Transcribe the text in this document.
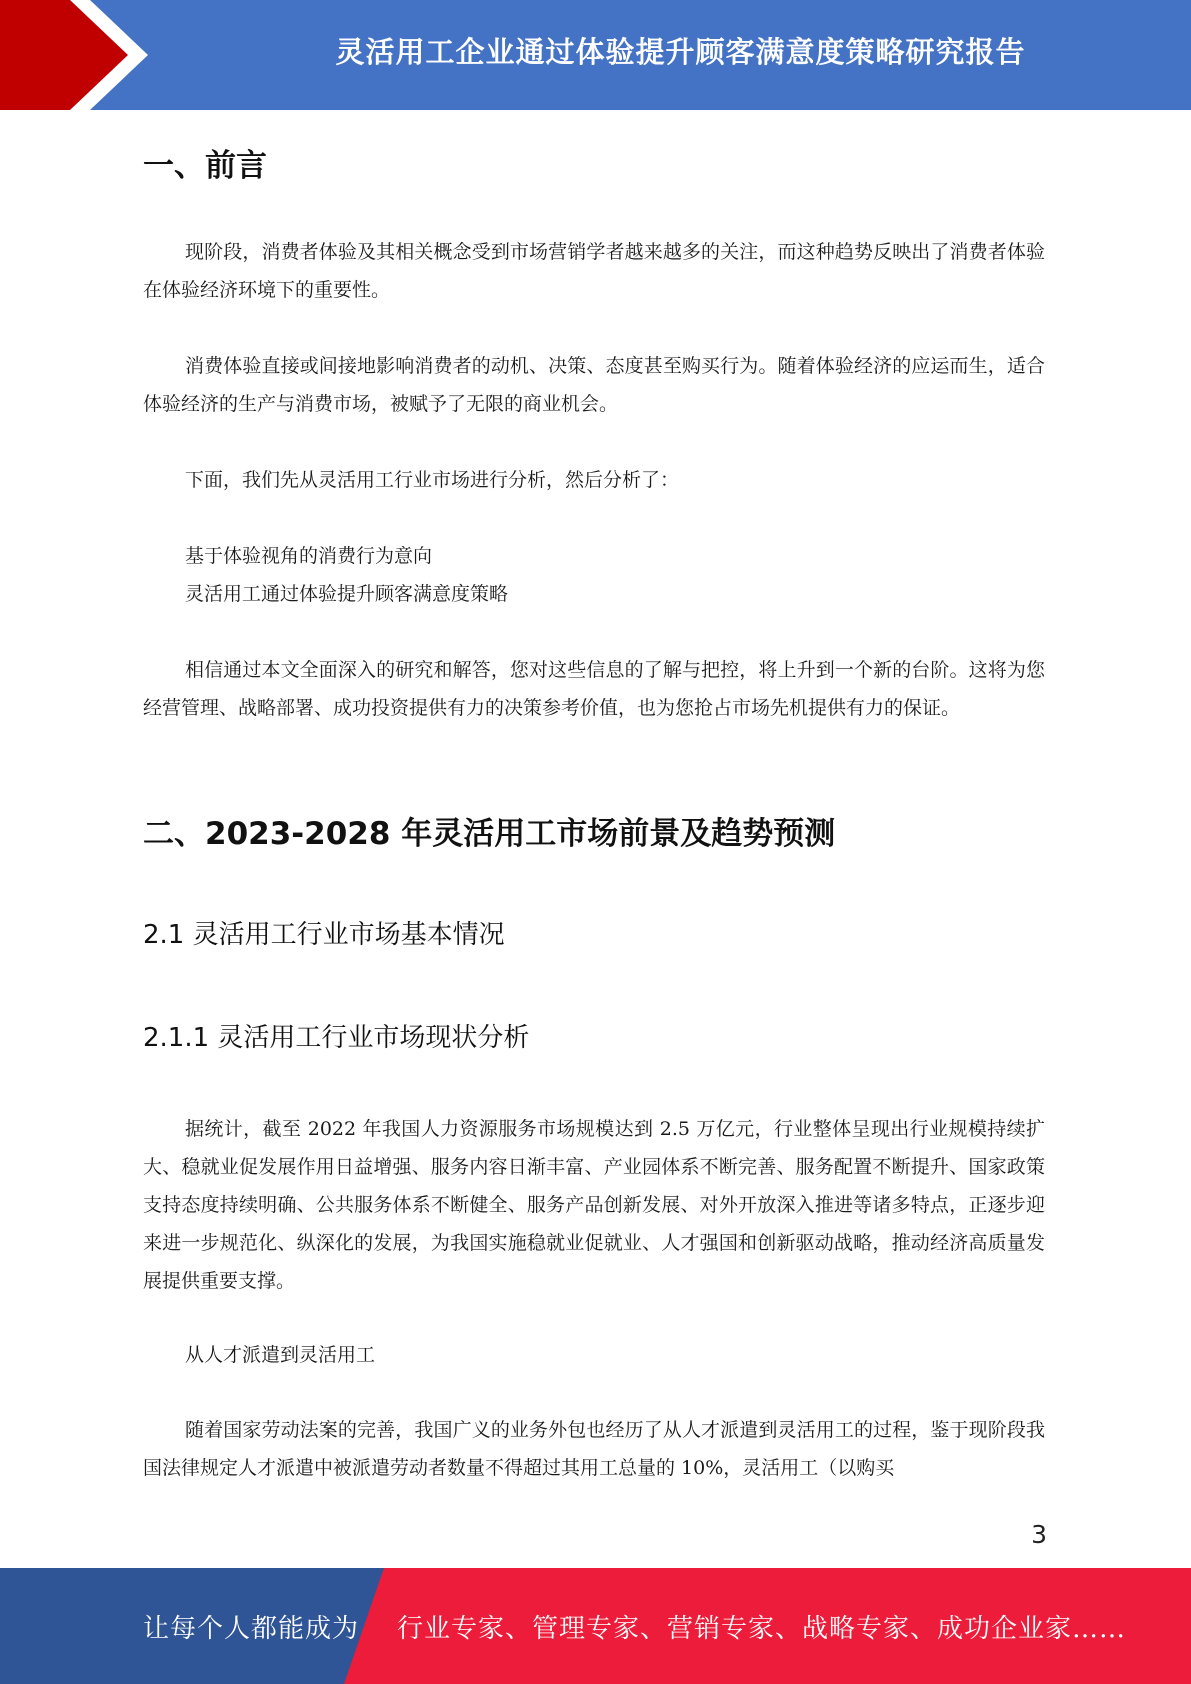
灵活用工企业通过体验提升顾客满意度策略研究报告
一、前言

现阶段，消费者体验及其相关概念受到市场营销学者越来越多的关注，而这种趋势反映出了消费者体验在体验经济环境下的重要性。

消费体验直接或间接地影响消费者的动机、决策、态度甚至购买行为。随着体验经济的应运而生，适合体验经济的生产与消费市场，被赋予了无限的商业机会。

下面，我们先从灵活用工行业市场进行分析，然后分析了：

基于体验视角的消费行为意向

灵活用工通过体验提升顾客满意度策略

相信通过本文全面深入的研究和解答，您对这些信息的了解与把控，将上升到一个新的台阶。这将为您经营管理、战略部署、成功投资提供有力的决策参考价值，也为您抢占市场先机提供有力的保证。

二、2023-2028 年灵活用工市场前景及趋势预测
2.1 灵活用工行业市场基本情况
2.1.1 灵活用工行业市场现状分析

据统计，截至 2022 年我国人力资源服务市场规模达到 2.5 万亿元，行业整体呈现出行业规模持续扩大、稳就业促发展作用日益增强、服务内容日渐丰富、产业园体系不断完善、服务配置不断提升、国家政策支持态度持续明确、公共服务体系不断健全、服务产品创新发展、对外开放深入推进等诸多特点，正逐步迎来进一步规范化、纵深化的发展，为我国实施稳就业促就业、人才强国和创新驱动战略，推动经济高质量发展提供重要支撑。

从人才派遣到灵活用工

随着国家劳动法案的完善，我国广义的业务外包也经历了从人才派遣到灵活用工的过程，鉴于现阶段我国法律规定人才派遣中被派遣劳动者数量不得超过其用工总量的 10%，灵活用工（以购买

3
让每个人都能成为 行业专家、管理专家、营销专家、战略专家、成功企业家……
